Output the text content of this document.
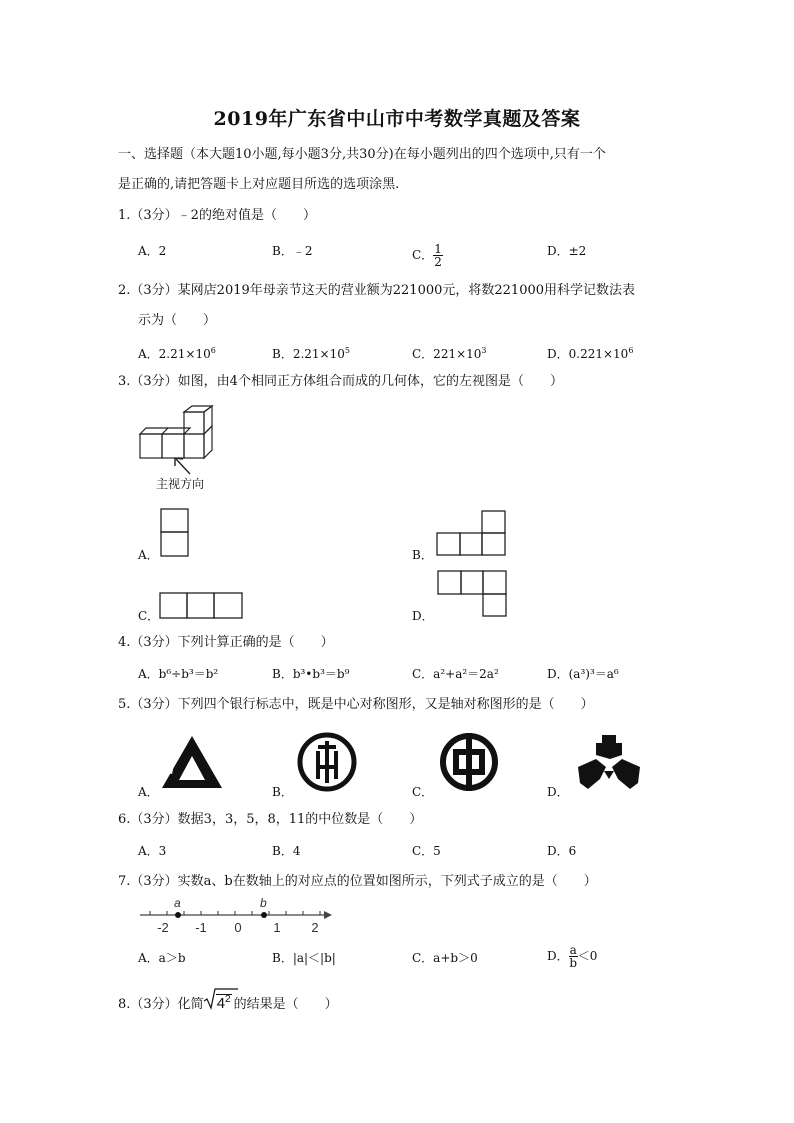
2019年广东省中山市中考数学真题及答案
一、选择题（本大题10小题,每小题3分,共30分)在每小题列出的四个选项中,只有一个
是正确的,请把答题卡上对应题目所选的选项涂黑.
1.（3分）﹣2的绝对值是（　　）
A．2	B．﹣2	C． $\frac{1}{2}$	D．±2
2.（3分）某网店2019年母亲节这天的营业额为221000元，将数221000用科学记数法表
示为（　　）
A．$2.21\times 10^6$	B．$2.21\times 10^5$	C．$221\times 10^3$	D．$0.221\times 10^6$
3.（3分）如图，由4个相同正方体组合而成的几何体，它的左视图是（　　）
主视方向
A．	B．
C．	D．
4.（3分）下列计算正确的是（　　）
A．b⁶÷b³＝b²	B．b³•b³＝b⁹	C．a²+a²＝2a²	D．(a³)³＝a⁶
5.（3分）下列四个银行标志中，既是中心对称图形，又是轴对称图形的是（　　）
A．	B．	C．	D．
6.（3分）数据3，3，5，8，11的中位数是（　　）
A．3	B．4	C．5	D．6
7.（3分）实数a、b在数轴上的对应点的位置如图所示，下列式子成立的是（　　）
a	b
-2 -1 0 1 2
A．a＞b	B．|a|＜|b|	C．a+b＞0	D． $\frac{a}{b} <0$
8.（3分）化简 $4^2$ 的结果是（　　）
